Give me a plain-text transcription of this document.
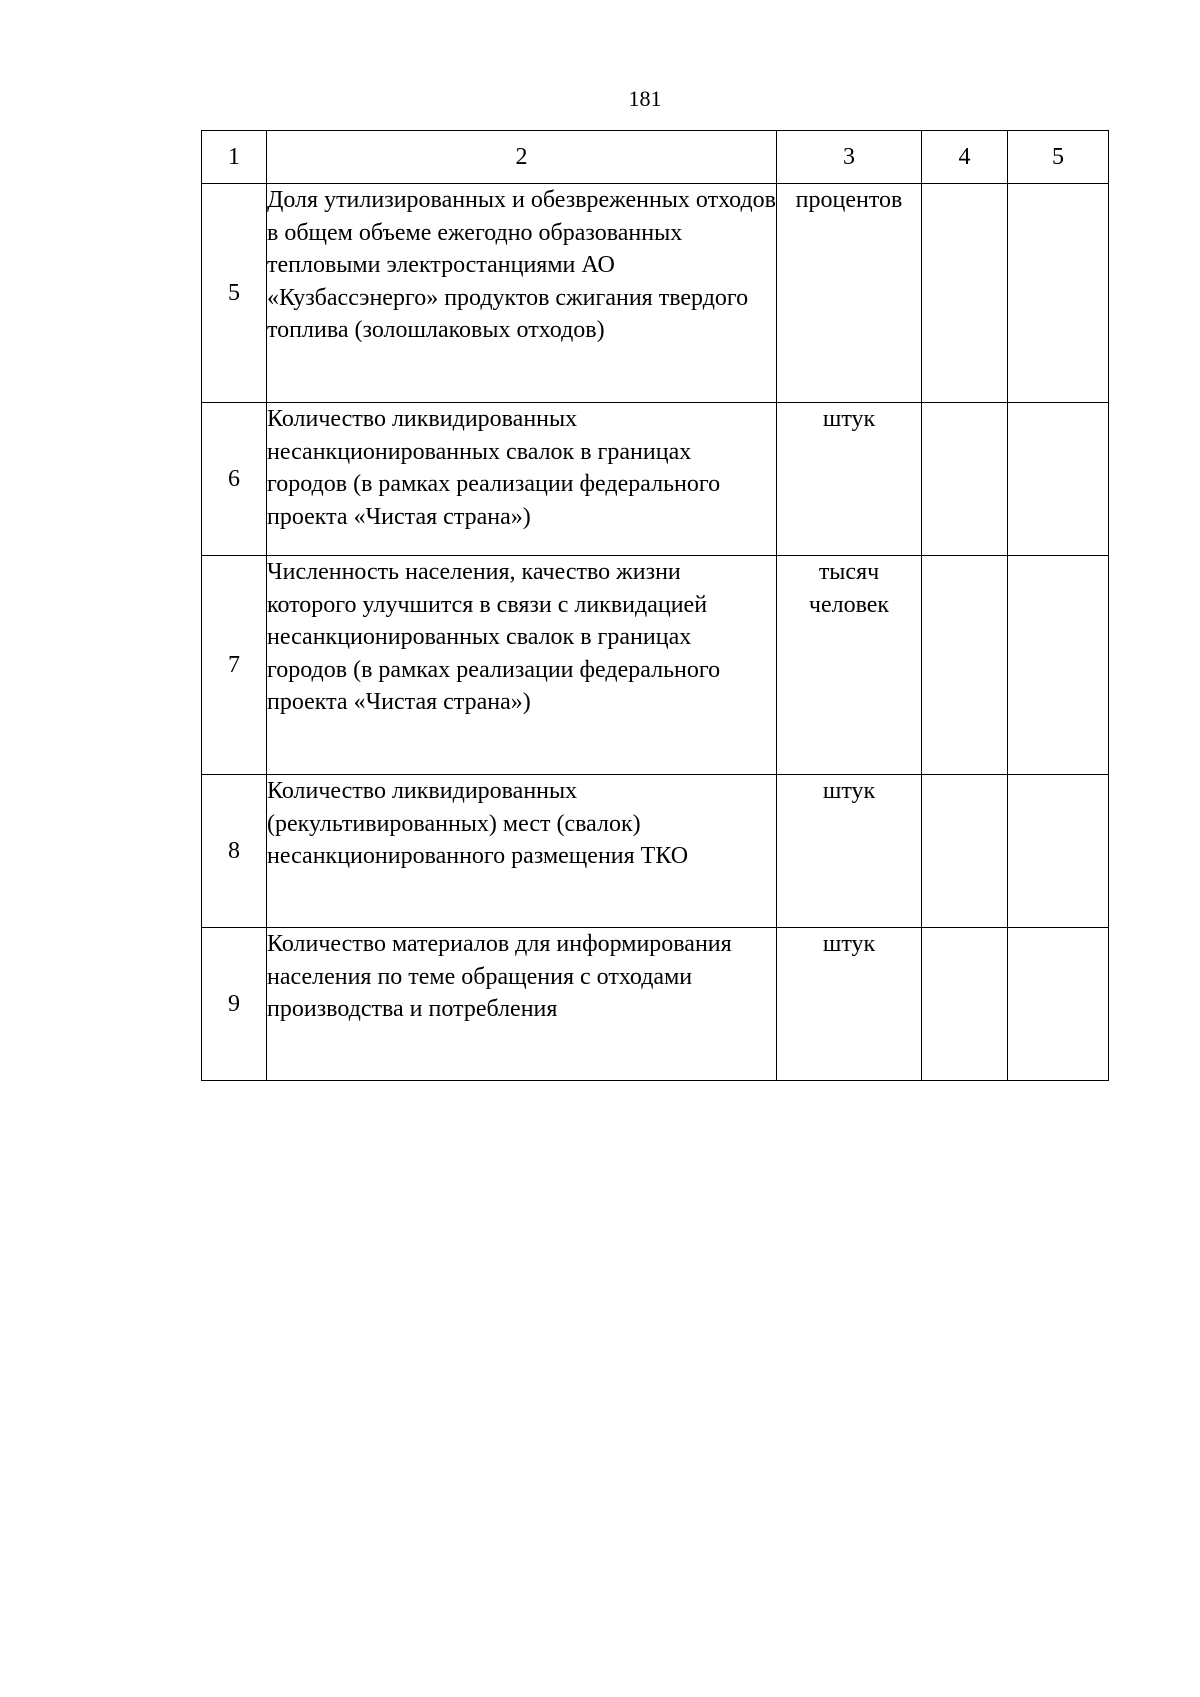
181
1	2	3	4	5
5	Доля утилизированных и обезвреженных отходов в общем объеме ежегодно образованных тепловыми электростанциями АО «Кузбассэнерго» продуктов сжигания твердого топлива (золошлаковых отходов)	процентов		

6	Количество ликвидированных несанкционированных свалок в границах городов (в рамках реализации федерального проекта «Чистая страна»)	штук		

7	Численность населения, качество жизни которого улучшится в связи с ликвидацией несанкционированных свалок в границах городов (в рамках реализации федерального проекта «Чистая страна»)	тысяч
человек		

8	Количество ликвидированных (рекультивированных) мест (свалок) несанкционированного размещения ТКО	штук		

9	Количество материалов для информирования населения по теме обращения с отходами производства и потребления	штук		
